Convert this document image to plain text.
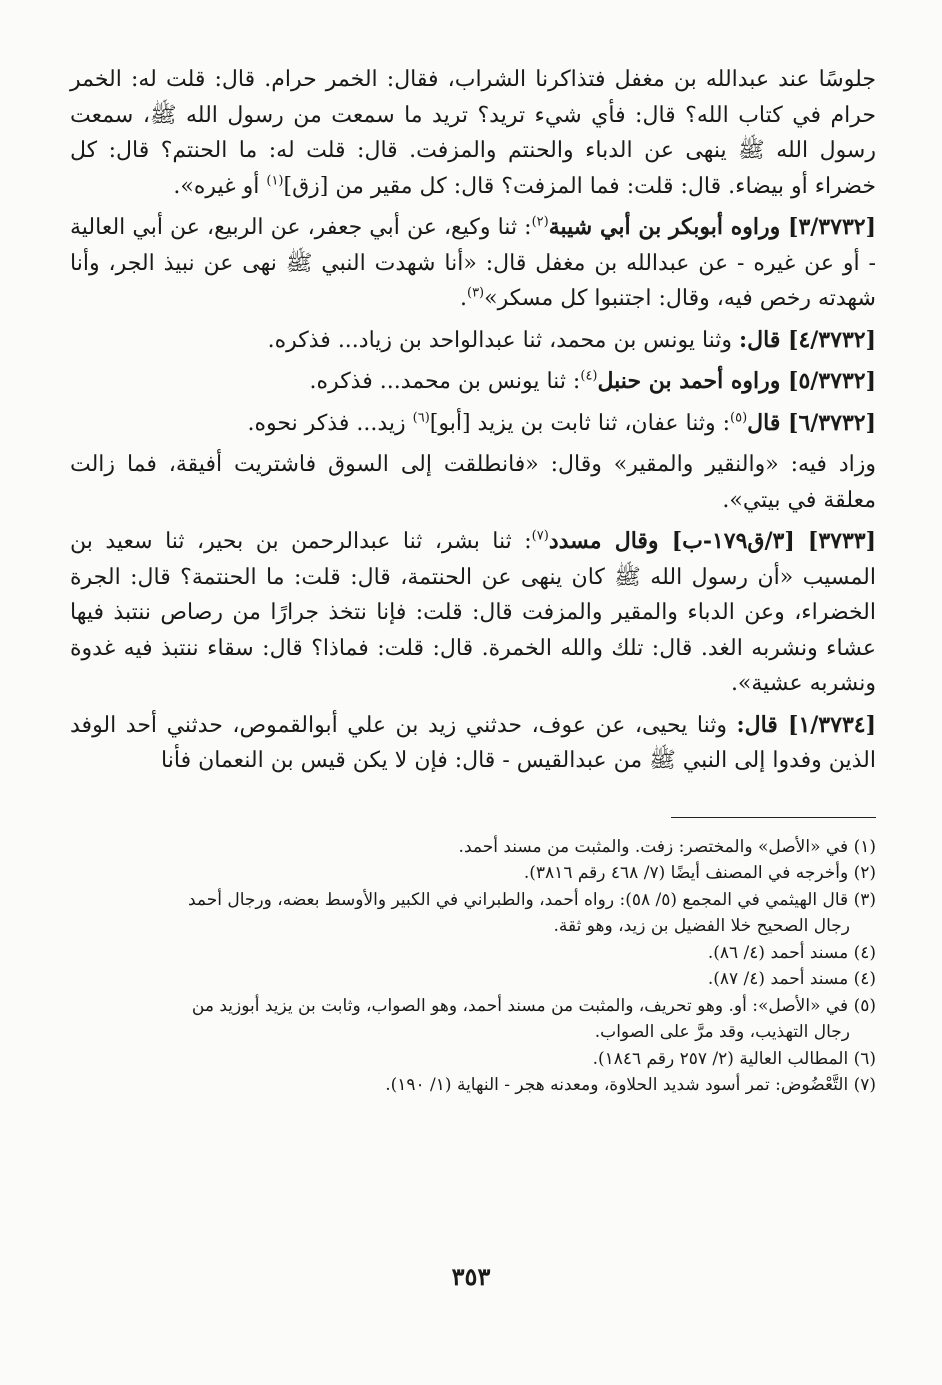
جلوسًا عند عبدالله بن مغفل فتذاكرنا الشراب، فقال: الخمر حرام. قال: قلت له: الخمر حرام في كتاب الله؟ قال: فأي شيء تريد؟ تريد ما سمعت من رسول الله ﷺ، سمعت رسول الله ﷺ ينهى عن الدباء والحنتم والمزفت. قال: قلت له: ما الحنتم؟ قال: كل خضراء أو بيضاء. قال: قلت: فما المزفت؟ قال: كل مقير من [زق]$^{(١)}$ أو غيره».

[٣/٣٧٣٢] وراوه أبوبكر بن أبي شيبة$^{(٢)}$: ثنا وكيع، عن أبي جعفر، عن الربيع، عن أبي العالية - أو عن غيره - عن عبدالله بن مغفل قال: «أنا شهدت النبي ﷺ نهى عن نبيذ الجر، وأنا شهدته رخص فيه، وقال: اجتنبوا كل مسكر»$^{(٣)}$.

[٤/٣٧٣٢] قال: وثنا يونس بن محمد، ثنا عبدالواحد بن زياد... فذكره.

[٥/٣٧٣٢] وراوه أحمد بن حنبل$^{(٤)}$: ثنا يونس بن محمد... فذكره.

[٦/٣٧٣٢] قال$^{(٥)}$: وثنا عفان، ثنا ثابت بن يزيد [أبو]$^{(٦)}$ زيد... فذكر نحوه.

وزاد فيه: «والنقير والمقير» وقال: «فانطلقت إلى السوق فاشتريت أفيقة، فما زالت معلقة في بيتي».

[٣٧٣٣] [٣/ق١٧٩-ب] وقال مسدد$^{(٧)}$: ثنا بشر، ثنا عبدالرحمن بن بحير، ثنا سعيد بن المسيب «أن رسول الله ﷺ كان ينهى عن الحنتمة، قال: قلت: ما الحنتمة؟ قال: الجرة الخضراء، وعن الدباء والمقير والمزفت قال: قلت: فإنا نتخذ جرارًا من رصاص ننتبذ فيها عشاء ونشربه الغد. قال: تلك والله الخمرة. قال: قلت: فماذا؟ قال: سقاء ننتبذ فيه غدوة ونشربه عشية».

[١/٣٧٣٤] قال: وثنا يحيى، عن عوف، حدثني زيد بن علي أبوالقموص، حدثني أحد الوفد الذين وفدوا إلى النبي ﷺ من عبدالقيس - قال: فإن لا يكن قيس بن النعمان فأنا

(١) في «الأصل» والمختصر: زفت. والمثبت من مسند أحمد.

(٢) وأخرجه في المصنف أيضًا (٧/ ٤٦٨ رقم ٣٨١٦).

(٣) قال الهيثمي في المجمع (٥/ ٥٨): رواه أحمد، والطبراني في الكبير والأوسط بعضه، ورجال أحمد

رجال الصحيح خلا الفضيل بن زيد، وهو ثقة.

(٤) مسند أحمد (٤/ ٨٦).

(٤) مسند أحمد (٤/ ٨٧).

(٥) في «الأصل»: أو. وهو تحريف، والمثبت من مسند أحمد، وهو الصواب، وثابت بن يزيد أبوزيد من

رجال التهذيب، وقد مرَّ على الصواب.

(٦) المطالب العالية (٢/ ٢٥٧ رقم ١٨٤٦).

(٧) التَّعْضُوض: تمر أسود شديد الحلاوة، ومعدنه هجر - النهاية (١/ ١٩٠).

٣٥٣
